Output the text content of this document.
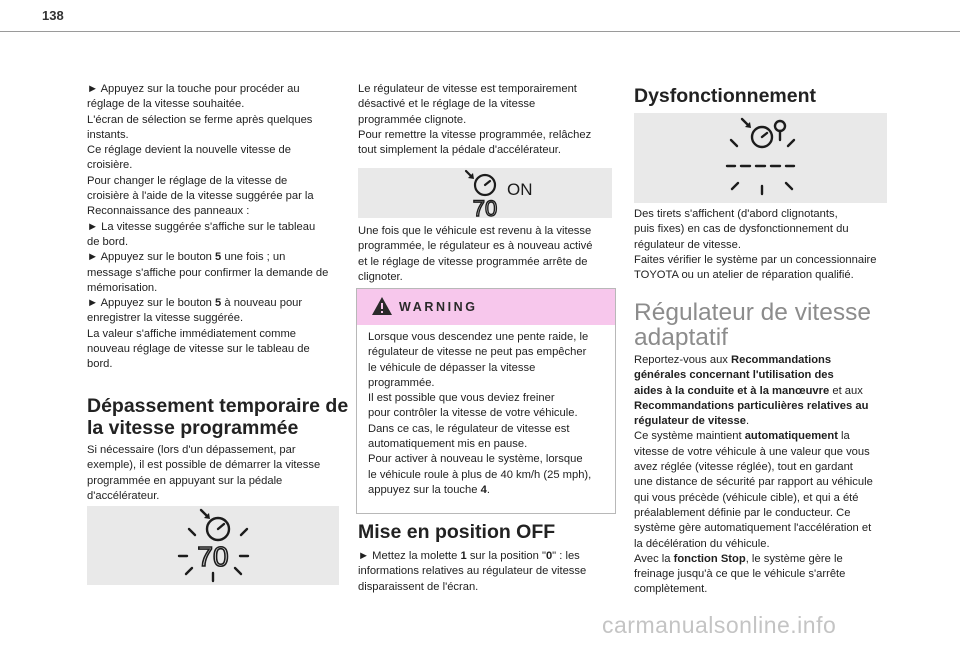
138
► Appuyez sur la touche pour procéder au
réglage de la vitesse souhaitée.
L'écran de sélection se ferme après quelques
instants.
Ce réglage devient la nouvelle vitesse de
croisière.
Pour changer le réglage de la vitesse de
croisière à l'aide de la vitesse suggérée par la
Reconnaissance des panneaux :
► La vitesse suggérée s'affiche sur le tableau
de bord.
► Appuyez sur le bouton 5 une fois ; un
message s'affiche pour confirmer la demande de
mémorisation.
► Appuyez sur le bouton 5 à nouveau pour
enregistrer la vitesse suggérée.
La valeur s'affiche immédiatement comme
nouveau réglage de vitesse sur le tableau de
bord.
Dépassement temporaire de
la vitesse programmée
Si nécessaire (lors d'un dépassement, par
exemple), il est possible de démarrer la vitesse
programmée en appuyant sur la pédale
d'accélérateur.
70
Le régulateur de vitesse est temporairement
désactivé et le réglage de la vitesse
programmée clignote.
Pour remettre la vitesse programmée, relâchez
tout simplement la pédale d'accélérateur.
ON
70
Une fois que le véhicule est revenu à la vitesse
programmée, le régulateur es à nouveau activé
et le réglage de vitesse programmée arrête de
clignoter.
WARNING
Lorsque vous descendez une pente raide, le
régulateur de vitesse ne peut pas empêcher
le véhicule de dépasser la vitesse
programmée.
Il est possible que vous deviez freiner
pour contrôler la vitesse de votre véhicule.
Dans ce cas, le régulateur de vitesse est
automatiquement mis en pause.
Pour activer à nouveau le système, lorsque
le véhicule roule à plus de 40 km/h (25 mph),
appuyez sur la touche 4.
Mise en position OFF
► Mettez la molette 1 sur la position "0" : les
informations relatives au régulateur de vitesse
disparaissent de l'écran.
Dysfonctionnement
Des tirets s'affichent (d'abord clignotants,
puis fixes) en cas de dysfonctionnement du
régulateur de vitesse.
Faites vérifier le système par un concessionnaire
TOYOTA ou un atelier de réparation qualifié.
Régulateur de vitesse
adaptatif
Reportez-vous aux Recommandations
générales concernant l'utilisation des
aides à la conduite et à la manœuvre et aux
Recommandations particulières relatives au
régulateur de vitesse.
Ce système maintient automatiquement la
vitesse de votre véhicule à une valeur que vous
avez réglée (vitesse réglée), tout en gardant
une distance de sécurité par rapport au véhicule
qui vous précède (véhicule cible), et qui a été
préalablement définie par le conducteur. Ce
système gère automatiquement l'accélération et
la décélération du véhicule.
Avec la fonction Stop, le système gère le
freinage jusqu'à ce que le véhicule s'arrête
complètement.
carmanualsonline.info
